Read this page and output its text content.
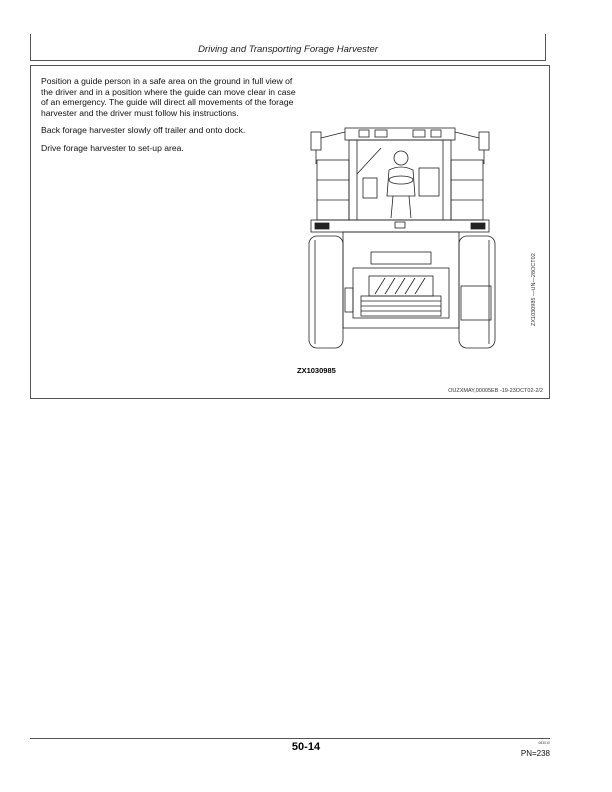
Driving and Transporting Forage Harvester

Position a guide person in a safe area on the ground in full view of the driver and in a position where the guide can move clear in case of an emergency. The guide will direct all movements of the forage harvester and the driver must follow his instructions.

Back forage harvester slowly off trailer and onto dock.

Drive forage harvester to set-up area.

ZX1030985
ZX1030985 —UN—28OCT02
OUZXMAY,00005EB -19-23OCT02-2/2
50-14	083010
PN=238
